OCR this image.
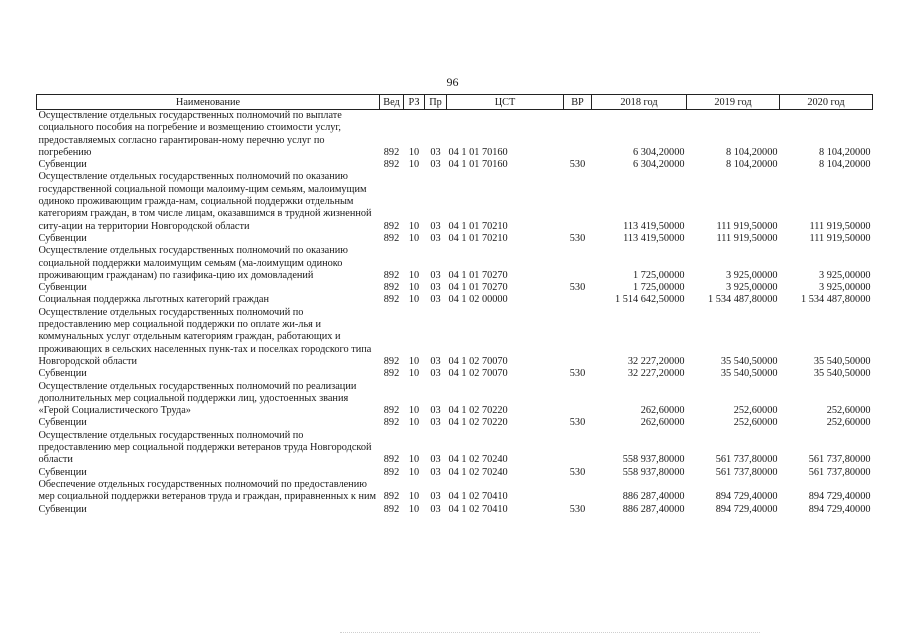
96
Наименование	Вед	РЗ	Пр	ЦСТ	ВР	2018 год	2019 год	2020 год
Осуществление отдельных государственных полномочий по выплате социального пособия на погребение и возмещению стоимости услуг, предоставляемых согласно гарантирован-ному перечню услуг по погребению	892	10	03	04 1 01 70160		6 304,20000	8 104,20000	8 104,20000
Субвенции	892	10	03	04 1 01 70160	530	6 304,20000	8 104,20000	8 104,20000
Осуществление отдельных государственных полномочий по оказанию государственной социальной помощи малоиму-щим семьям, малоимущим одиноко проживающим гражда-нам, социальной поддержки отдельным категориям граждан, в том числе лицам, оказавшимся в трудной жизненной ситу-ации на территории Новгородской области	892	10	03	04 1 01 70210		113 419,50000	111 919,50000	111 919,50000
Субвенции	892	10	03	04 1 01 70210	530	113 419,50000	111 919,50000	111 919,50000
Осуществление отдельных государственных полномочий по оказанию социальной поддержки малоимущим семьям (ма-лоимущим одиноко проживающим гражданам) по газифика-цию их домовладений	892	10	03	04 1 01 70270		1 725,00000	3 925,00000	3 925,00000
Субвенции	892	10	03	04 1 01 70270	530	1 725,00000	3 925,00000	3 925,00000
Социальная поддержка льготных категорий граждан	892	10	03	04 1 02 00000		1 514 642,50000	1 534 487,80000	1 534 487,80000
Осуществление отдельных государственных полномочий по предоставлению мер социальной поддержки по оплате жи-лья и коммунальных услуг отдельным категориям граждан, работающих и проживающих в сельских населенных пунк-тах и поселках городского типа Новгородской области	892	10	03	04 1 02 70070		32 227,20000	35 540,50000	35 540,50000
Субвенции	892	10	03	04 1 02 70070	530	32 227,20000	35 540,50000	35 540,50000
Осуществление отдельных государственных полномочий по реализации дополнительных мер социальной поддержки лиц, удостоенных звания «Герой Социалистического Труда»	892	10	03	04 1 02 70220		262,60000	252,60000	252,60000
Субвенции	892	10	03	04 1 02 70220	530	262,60000	252,60000	252,60000
Осуществление отдельных государственных полномочий по предоставлению мер социальной поддержки ветеранов труда Новгородской области	892	10	03	04 1 02 70240		558 937,80000	561 737,80000	561 737,80000
Субвенции	892	10	03	04 1 02 70240	530	558 937,80000	561 737,80000	561 737,80000
Обеспечение отдельных государственных полномочий по предоставлению мер социальной поддержки ветеранов труда и граждан, приравненных к ним	892	10	03	04 1 02 70410		886 287,40000	894 729,40000	894 729,40000
Субвенции	892	10	03	04 1 02 70410	530	886 287,40000	894 729,40000	894 729,40000
